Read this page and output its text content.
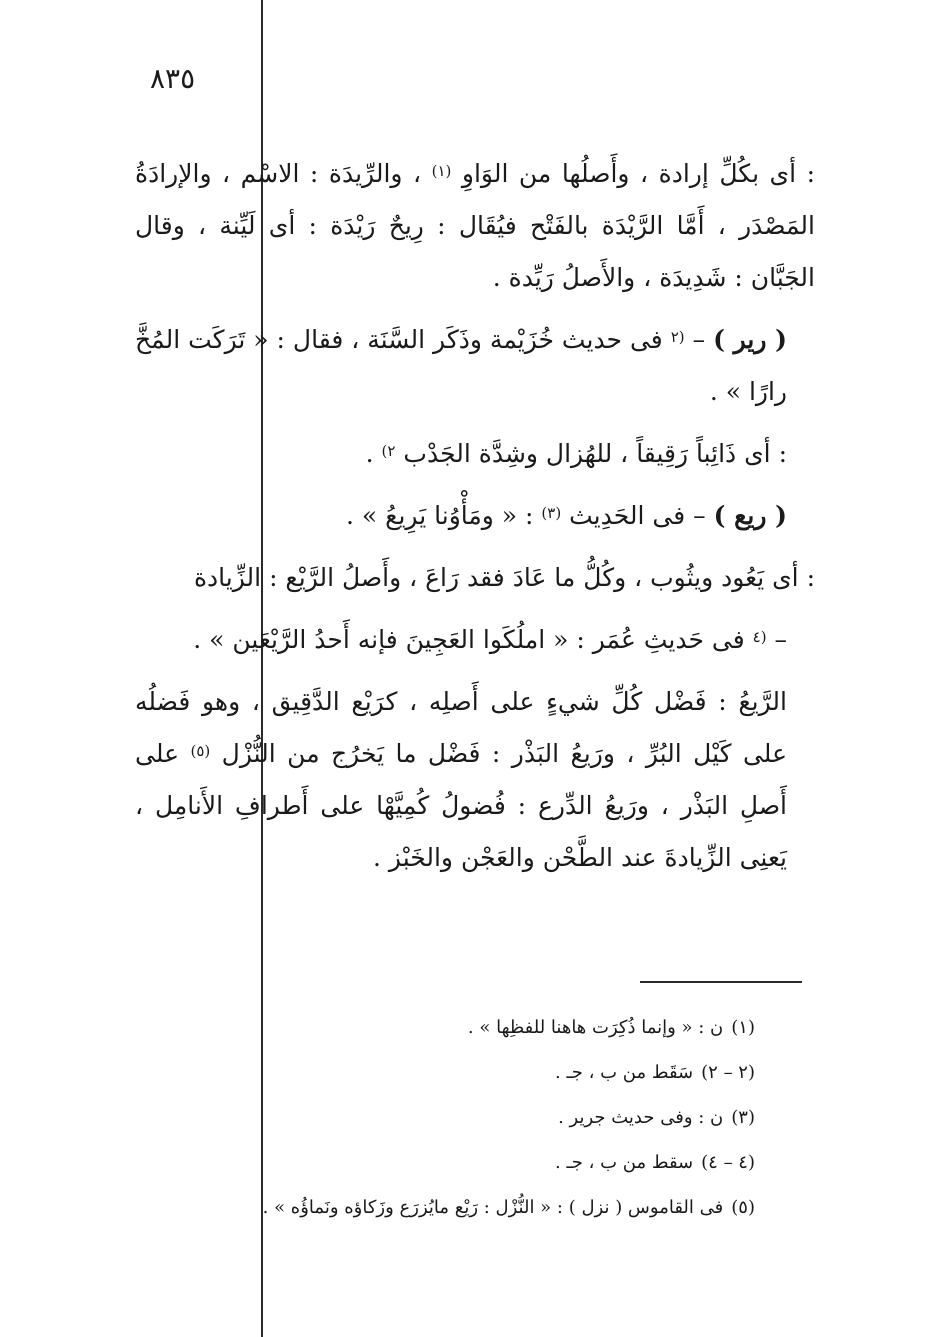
٨٣٥

: أى بكُلِّ إرادة ، وأَصلُها من الوَاوِ $^{(١)}$ ، والرِّيدَة : الاسْم ، والإرادَةُ المَصْدَر ، أَمَّا الرَّيْدَة بالفَتْح فيُقَال : رِيحٌ رَيْدَة : أى لَيِّنة ، وقال الجَبَّان : شَدِيدَة ، والأَصلُ رَيِّدة .

( رير ) – $^{(٢}$ فى حديث خُزَيْمة وذَكَر السَّنَة ، فقال : « تَرَكَت المُخَّ رارًا » .

: أى ذَائِباً رَقِيقاً ، للهُزال وشِدَّة الجَدْب $^{٢)}$ .

( ريع ) – فى الحَدِيث $^{(٣)}$ : « ومَأْوُنا يَرِيعُ » .

: أى يَعُود ويثُوب ، وكُلُّ ما عَادَ فقد رَاعَ ، وأَصلُ الرَّيْع : الزِّيادة

– $^{(٤}$ فى حَديثِ عُمَر : « املُكَوا العَجِينَ فإنه أَحدُ الرَّيْعَين » .

الرَّيعُ : فَضْل كُلِّ شيءٍ على أَصلِه ، كرَيْع الدَّقِيق ، وهو فَضلُه على كَيْل البُرِّ ، ورَيعُ البَذْر : فَضْل ما يَخرُج من النُّزْل $^{(٥)}$ على أَصلِ البَذْر ، ورَيعُ الدِّرع : فُضولُ كُمِيَّهْا على أَطرافِ الأَنامِل ، يَعنِى الزِّيادةَ عند الطَّحْن والعَجْن والخَبْز .

(١)ن : « وإنما ذُكِرَت هاهنا للفظِها » .
(٢ – ٢)سَقَط من ب ، جـ .
(٣)ن : وفى حديث جرير .
(٤ – ٤)سقط من ب ، جـ .
(٥)فى القاموس ( نزل ) : « النُّزْل : رَيْع مايُزرَع وزَكاؤه ونَماؤُه » .
